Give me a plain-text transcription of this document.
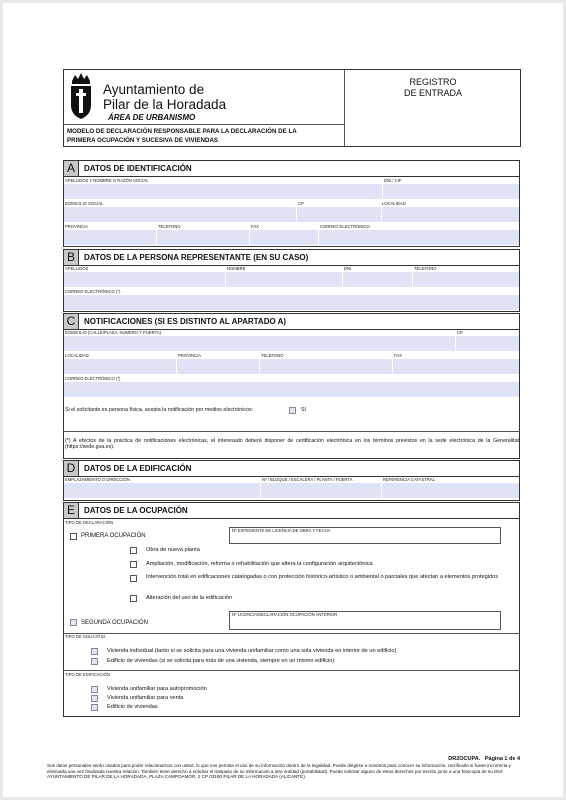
Ayuntamiento de
Pilar de la Horadada
ÁREA DE URBANISMO
MODELO DE DECLARACIÓN RESPONSABLE PARA LA DECLARACIÓN DE LA
PRIMERA OCUPACIÓN Y SUCESIVA DE VIVIENDAS
REGISTRO
DE ENTRADA
A	DATOS DE IDENTIFICACIÓN
APELLIDOS Y NOMBRE O RAZÓN SOCIAL	DNI / CIF
DOMICILIO SOCIAL	CP	LOCALIDAD
PROVINCIA	TELEFONO	FAX	CORREO ELECTRÓNICO
B	DATOS DE LA PERSONA REPRESENTANTE (EN SU CASO)
APELLIDOS	NOMBRE	DNI	TELEFONO
CORREO ELECTRÓNICO (*)
C	NOTIFICACIONES (SI ES DISTINTO AL APARTADO A)
DOMICILIO (CALLE/PLAZA, NÚMERO Y PUERTA)	CP
LOCALIDAD	PROVINCIA	TELEFONO	FAX
CORREO ELECTRÓNICO (*)
Si el solicitante es persona física, acepta la notificación por medios electrónicos:	SI
(*) A efectos de la práctica de notificaciones electrónicas, el interesado deberá disponer de certificación electrónica en los términos previstos en la sede electrónica de la Generalitat (https://sede.gva.es).
D	DATOS DE LA EDIFICACIÓN
EMPLAZAMIENTO O DIRECCIÓN	Nº / BLOQUE / ESCALERA / PLANTA / PUERTA	REFERENCIA CATASTRAL
E	DATOS DE LA OCUPACIÓN
TIPO DE DECLARACIÓN
PRIMERA OCUPACIÓN
Nº EXPEDIENTE DE LICENCIA DE OBRA Y FECHA
Obra de nueva planta
Ampliación, modificación, reforma o rehabilitación que altera la configuración arquitectónica
Intervención total en edificaciones catalogadas o con protección histórico-artístico o ambiental o parciales que afectan a elementos protegidos
Alteración del uso de la edificación
SEGUNDA OCUPACIÓN
Nº LICENCIA/DECLARACIÓN OCUPACIÓN ANTERIOR
TIPO DE SOLICITUD
Vivienda individual (tanto si se solicita para una vivienda unifamiliar como una sola vivienda en interior de un edificio)
Edificio de viviendas (si se solicita para más de una vivienda, siempre en un mismo edificio)
TIPO DE EDIFICACIÓN
Vivienda unifamiliar para autopromoción
Vivienda unifamiliar para venta
Edificio de viviendas
DR2OCUPA. Página 1 de 4
Sus datos personales serán usados para poder relacionarnos con usted, lo que nos permite el uso de su información dentro de la legalidad. Puede dirigirse a nosotros para conocer su información, rectificarla si fuese incorrecta y eliminarla una vez finalizada nuestra relación. También tiene derecho a solicitar el traspaso de su información a otra entidad (portabilidad). Puede solicitar alguno de estos derechos por escrito junto a una fotocopia de su DNI: AYUNTAMIENTO DE PILAR DE LA HORADADA, PLAZA CAMPOAMOR, 2 CP 03190 PILAR DE LA HORADADA (ALICANTE).
